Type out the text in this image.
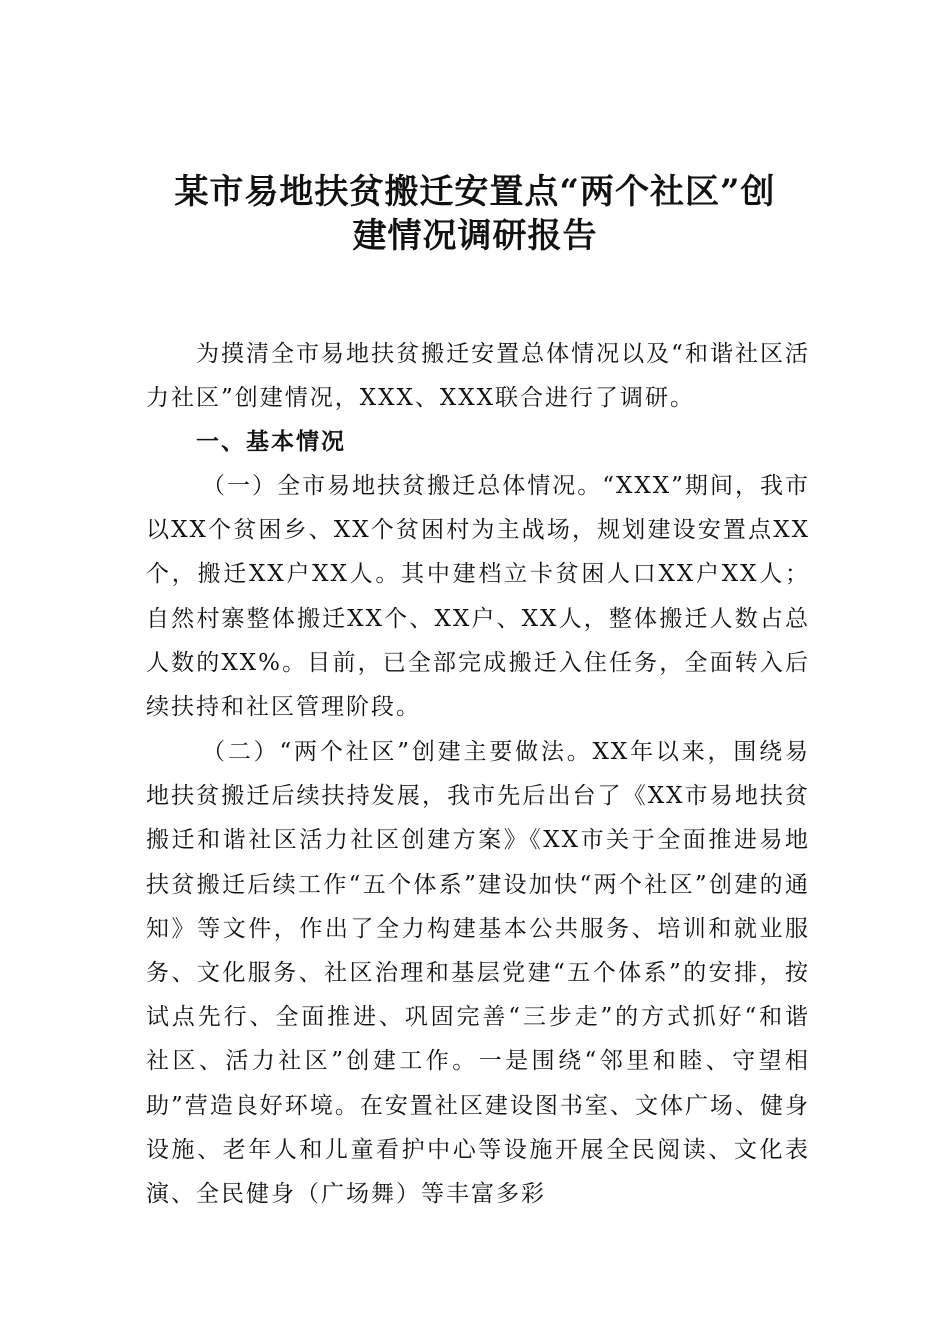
某市易地扶贫搬迁安置点“两个社区”创
建情况调研报告

为摸清全市易地扶贫搬迁安置总体情况以及“和谐社区活力社区”创建情况，XXX、XXX联合进行了调研。

一、基本情况

（一）全市易地扶贫搬迁总体情况。“XXX”期间，我市以XX个贫困乡、XX个贫困村为主战场，规划建设安置点XX个，搬迁XX户XX人。其中建档立卡贫困人口XX户XX人；自然村寨整体搬迁XX个、XX户、XX人，整体搬迁人数占总人数的XX%。目前，已全部完成搬迁入住任务，全面转入后续扶持和社区管理阶段。

（二）“两个社区”创建主要做法。XX年以来，围绕易地扶贫搬迁后续扶持发展，我市先后出台了《XX市易地扶贫搬迁和谐社区活力社区创建方案》《XX市关于全面推进易地扶贫搬迁后续工作“五个体系”建设加快“两个社区”创建的通知》等文件，作出了全力构建基本公共服务、培训和就业服务、文化服务、社区治理和基层党建“五个体系”的安排，按试点先行、全面推进、巩固完善“三步走”的方式抓好“和谐社区、活力社区”创建工作。一是围绕“邻里和睦、守望相助”营造良好环境。在安置社区建设图书室、文体广场、健身设施、老年人和儿童看护中心等设施开展全民阅读、文化表演、全民健身（广场舞）等丰富多彩
